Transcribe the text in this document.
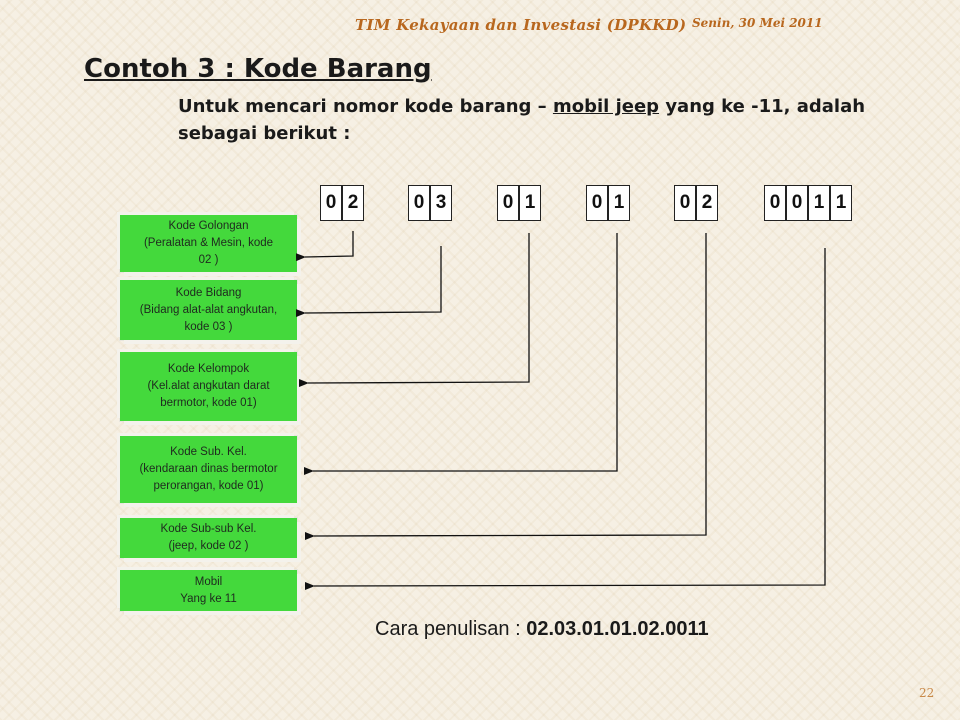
TIM Kekayaan dan Investasi (DPKKD) Senin, 30 Mei 2011
Contoh 3 : Kode Barang
Untuk mencari nomor kode barang – mobil jeep yang ke -11, adalah sebagai berikut :
0 2	0 3	0 1	0 1	0 2	0 0 1 1
Kode Golongan
(Peralatan & Mesin, kode
02 )
Kode Bidang
(Bidang alat-alat angkutan,
kode 03 )
Kode Kelompok
(Kel.alat angkutan darat
bermotor, kode 01)
Kode Sub. Kel.
(kendaraan dinas bermotor
perorangan, kode 01)
Kode Sub-sub Kel.
(jeep, kode 02 )
Mobil
Yang ke 11
Cara penulisan : 02.03.01.01.02.0011
22
